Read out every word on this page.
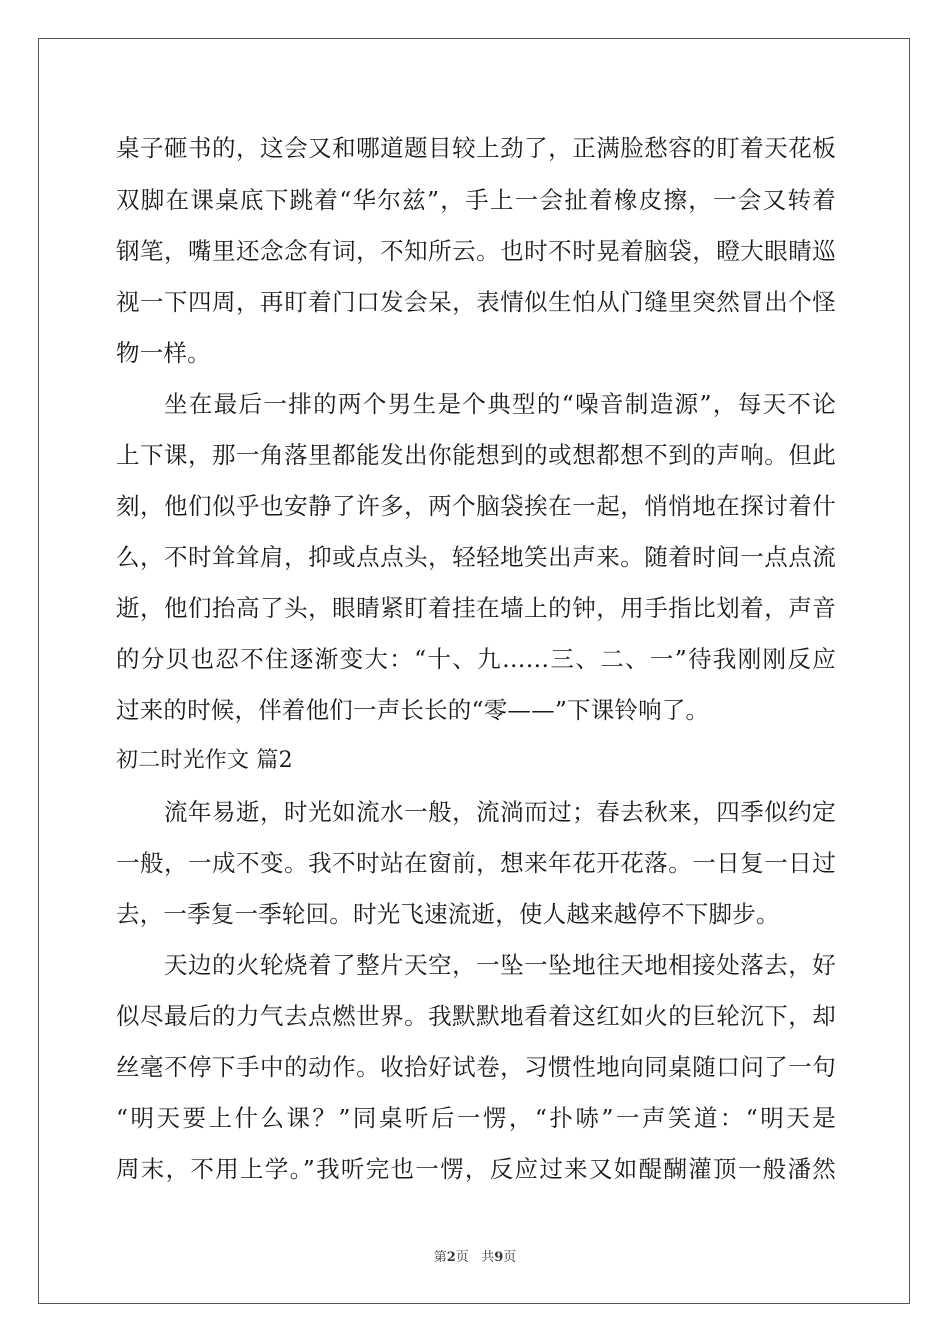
桌子砸书的，这会又和哪道题目较上劲了，正满脸愁容的盯着天花板
双脚在课桌底下跳着“华尔兹”，手上一会扯着橡皮擦，一会又转着
钢笔，嘴里还念念有词，不知所云。也时不时晃着脑袋，瞪大眼睛巡
视一下四周，再盯着门口发会呆，表情似生怕从门缝里突然冒出个怪
物一样。
坐在最后一排的两个男生是个典型的“噪音制造源”，每天不论
上下课，那一角落里都能发出你能想到的或想都想不到的声响。但此
刻，他们似乎也安静了许多，两个脑袋挨在一起，悄悄地在探讨着什
么，不时耸耸肩，抑或点点头，轻轻地笑出声来。随着时间一点点流
逝，他们抬高了头，眼睛紧盯着挂在墙上的钟，用手指比划着，声音
的分贝也忍不住逐渐变大：“十、九……三、二、一”待我刚刚反应
过来的时候，伴着他们一声长长的“零——”下课铃响了。
初二时光作文 篇2
流年易逝，时光如流水一般，流淌而过；春去秋来，四季似约定
一般，一成不变。我不时站在窗前，想来年花开花落。一日复一日过
去，一季复一季轮回。时光飞速流逝，使人越来越停不下脚步。
天边的火轮烧着了整片天空，一坠一坠地往天地相接处落去，好
似尽最后的力气去点燃世界。我默默地看着这红如火的巨轮沉下，却
丝毫不停下手中的动作。收拾好试卷，习惯性地向同桌随口问了一句
“明天要上什么课？”同桌听后一愣，“扑哧”一声笑道：“明天是
周末，不用上学。”我听完也一愣，反应过来又如醍醐灌顶一般潘然
第2页 共9页
